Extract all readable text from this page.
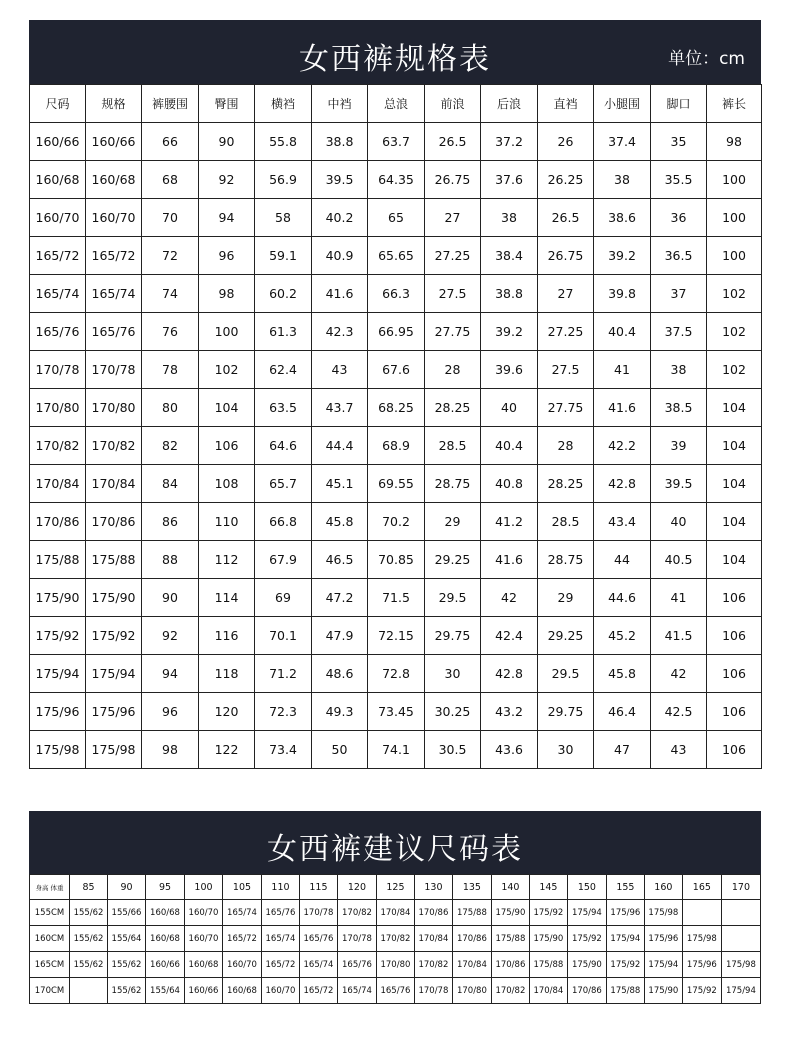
女西裤规格表	单位：cm
尺码	规格	裤腰围	臀围	横裆	中裆	总浪	前浪	后浪	直裆	小腿围	脚口	裤长
160/66	160/66	66	90	55.8	38.8	63.7	26.5	37.2	26	37.4	35	98
160/68	160/68	68	92	56.9	39.5	64.35	26.75	37.6	26.25	38	35.5	100
160/70	160/70	70	94	58	40.2	65	27	38	26.5	38.6	36	100
165/72	165/72	72	96	59.1	40.9	65.65	27.25	38.4	26.75	39.2	36.5	100
165/74	165/74	74	98	60.2	41.6	66.3	27.5	38.8	27	39.8	37	102
165/76	165/76	76	100	61.3	42.3	66.95	27.75	39.2	27.25	40.4	37.5	102
170/78	170/78	78	102	62.4	43	67.6	28	39.6	27.5	41	38	102
170/80	170/80	80	104	63.5	43.7	68.25	28.25	40	27.75	41.6	38.5	104
170/82	170/82	82	106	64.6	44.4	68.9	28.5	40.4	28	42.2	39	104
170/84	170/84	84	108	65.7	45.1	69.55	28.75	40.8	28.25	42.8	39.5	104
170/86	170/86	86	110	66.8	45.8	70.2	29	41.2	28.5	43.4	40	104
175/88	175/88	88	112	67.9	46.5	70.85	29.25	41.6	28.75	44	40.5	104
175/90	175/90	90	114	69	47.2	71.5	29.5	42	29	44.6	41	106
175/92	175/92	92	116	70.1	47.9	72.15	29.75	42.4	29.25	45.2	41.5	106
175/94	175/94	94	118	71.2	48.6	72.8	30	42.8	29.5	45.8	42	106
175/96	175/96	96	120	72.3	49.3	73.45	30.25	43.2	29.75	46.4	42.5	106
175/98	175/98	98	122	73.4	50	74.1	30.5	43.6	30	47	43	106
女西裤建议尺码表
身高 体重	85	90	95	100	105	110	115	120	125	130	135	140	145	150	155	160	165	170
155CM	155/62	155/66	160/68	160/70	165/74	165/76	170/78	170/82	170/84	170/86	175/88	175/90	175/92	175/94	175/96	175/98		
160CM	155/62	155/64	160/68	160/70	165/72	165/74	165/76	170/78	170/82	170/84	170/86	175/88	175/90	175/92	175/94	175/96	175/98	
165CM	155/62	155/62	160/66	160/68	160/70	165/72	165/74	165/76	170/80	170/82	170/84	170/86	175/88	175/90	175/92	175/94	175/96	175/98
170CM		155/62	155/64	160/66	160/68	160/70	165/72	165/74	165/76	170/78	170/80	170/82	170/84	170/86	175/88	175/90	175/92	175/94
